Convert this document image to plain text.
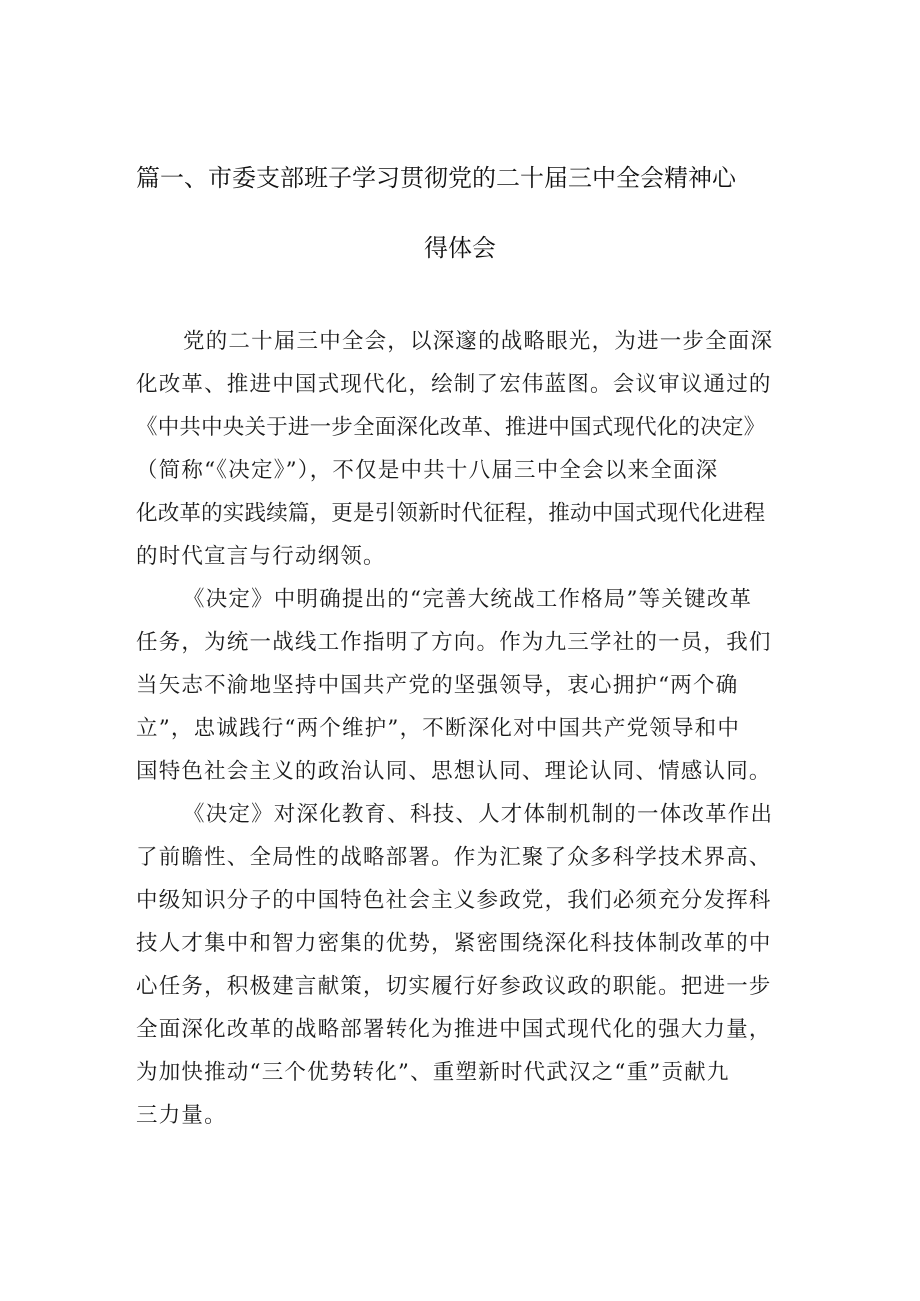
篇一、市委支部班子学习贯彻党的二十届三中全会精神心
得体会
党的二十届三中全会，以深邃的战略眼光，为进一步全面深
化改革、推进中国式现代化，绘制了宏伟蓝图。会议审议通过的
《中共中央关于进一步全面深化改革、推进中国式现代化的决定》
（简称“《决定》”），不仅是中共十八届三中全会以来全面深
化改革的实践续篇，更是引领新时代征程，推动中国式现代化进程
的时代宣言与行动纲领。
《决定》中明确提出的“完善大统战工作格局”等关键改革
任务，为统一战线工作指明了方向。作为九三学社的一员，我们
当矢志不渝地坚持中国共产党的坚强领导，衷心拥护“两个确
立”，忠诚践行“两个维护”，不断深化对中国共产党领导和中
国特色社会主义的政治认同、思想认同、理论认同、情感认同。
《决定》对深化教育、科技、人才体制机制的一体改革作出
了前瞻性、全局性的战略部署。作为汇聚了众多科学技术界高、
中级知识分子的中国特色社会主义参政党，我们必须充分发挥科
技人才集中和智力密集的优势，紧密围绕深化科技体制改革的中
心任务，积极建言献策，切实履行好参政议政的职能。把进一步
全面深化改革的战略部署转化为推进中国式现代化的强大力量，
为加快推动“三个优势转化”、重塑新时代武汉之“重”贡献九
三力量。
